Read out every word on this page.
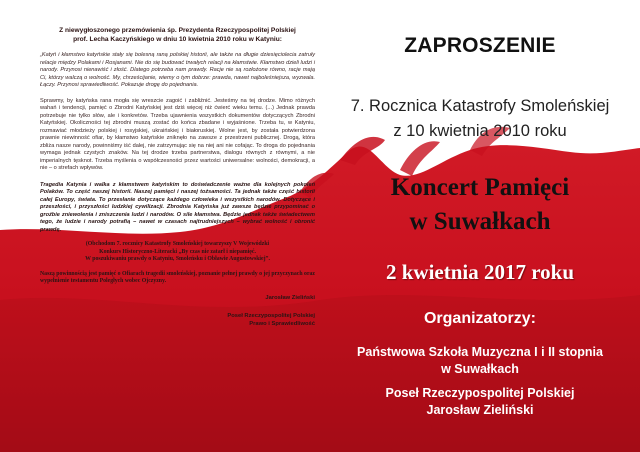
Z niewygłoszonego przemówienia śp. Prezydenta Rzeczypospolitej Polskiej
prof. Lecha Kaczyńskiego w dniu 10 kwietnia 2010 roku w Katyniu:

„Katyń i kłamstwo katyńskie stały się bolesną raną polskiej historii, ale także na długie dziesięciolecia zatruły relacje między Polakami i Rosjanami. Nie do się budować trwałych relacji na kłamstwie. Kłamstwo dzieli ludzi i narody. Przynosi nienawiść i złość. Dlatego potrzeba nam prawdy. Racje nie są rozłożone równo, racje mają Ci, którzy walczą o wolność. My, chrześcijanie, wiemy o tym dobrze: prawda, nawet najboleśniejsza, wyzwala. Łączy. Przynosi sprawiedliwość. Pokazuje drogę do pojednania.

Sprawmy, by katyńska rana mogła się wreszcie zagoić i zabliźnić. Jesteśmy na tej drodze. Mimo różnych wahań i tendencji, pamięć o Zbrodni Katyńskiej jest dziś więcej niż ćwierć wieku temu. (...) Jednak prawda potrzebuje nie tylko słów, ale i konkretów. Trzeba ujawnienia wszystkich dokumentów dotyczących Zbrodni Katyńskiej. Okoliczności tej zbrodni muszą zostać do końca zbadane i wyjaśnione. Trzeba tu, w Katyniu, rozmawiać młodzieży polskiej i rosyjskiej, ukraińskiej i białoruskiej. Wolne jest, by została potwierdzona prawnie niewinność ofiar, by kłamstwo katyńskie zniknęło na zawsze z przestrzeni publicznej. Drogą, która zbliża nasze narody, powinniśmy iść dalej, nie zatrzymując się na niej ani nie cofając. To droga do pojednania wymaga jednak czystych znaków. Na tej drodze trzeba partnerstwa, dialogu równych z równymi, a nie imperialnych tęsknot. Trzeba myślenia o współczesności przez wartości uniwersalne: wolności, demokracji, a nie – o strefach wpływów.

Tragedia Katynia i walka z kłamstwem katyńskim to doświadczenie ważne dla kolejnych pokoleń Polaków. To część naszej historii. Naszej pamięci i naszej tożsamości. Ta jednak także część historii całej Europy, świata. To przesłanie dotyczące każdego człowieka i wszystkich narodów. Dotyczące i przeszłości, i przyszłości ludzkiej cywilizacji. Zbrodnia Katyńska już zawsze będzie przypominać o groźbie zniewolenia i zniszczenia ludzi i narodów. O sile kłamstwa. Będzie jednak także świadectwem tego, że ludzie i narody potrafią – nawet w czasach najtrudniejszych – wybrać wolność i obronić prawdę.

(Obchodom 7. rocznicy Katastrofy Smoleńskiej towarzyszy V Wojewódzki
Konkurs Historyczno-Literacki „By czas nie zatarł i niepamięć.
W poszukiwaniu prawdy o Katyniu, Smoleńsku i Obławie Augustowskiej”.

Naszą powinnością jest pamięć o Ofiarach tragedii smoleńskiej, poznanie pełnej prawdy o jej przyczynach oraz wypełnienie testamentu Poległych wobec Ojczyzny.

Jarosław Zieliński

Poseł Rzeczypospolitej Polskiej

Prawo i Sprawiedliwość

ZAPROSZENIE
7. Rocznica Katastrofy Smoleńskiej
z 10 kwietnia 2010 roku
Koncert Pamięci
w Suwałkach
2 kwietnia 2017 roku
Organizatorzy:
Państwowa Szkoła Muzyczna I i II stopnia
w Suwałkach
Poseł Rzeczypospolitej Polskiej
Jarosław Zieliński
